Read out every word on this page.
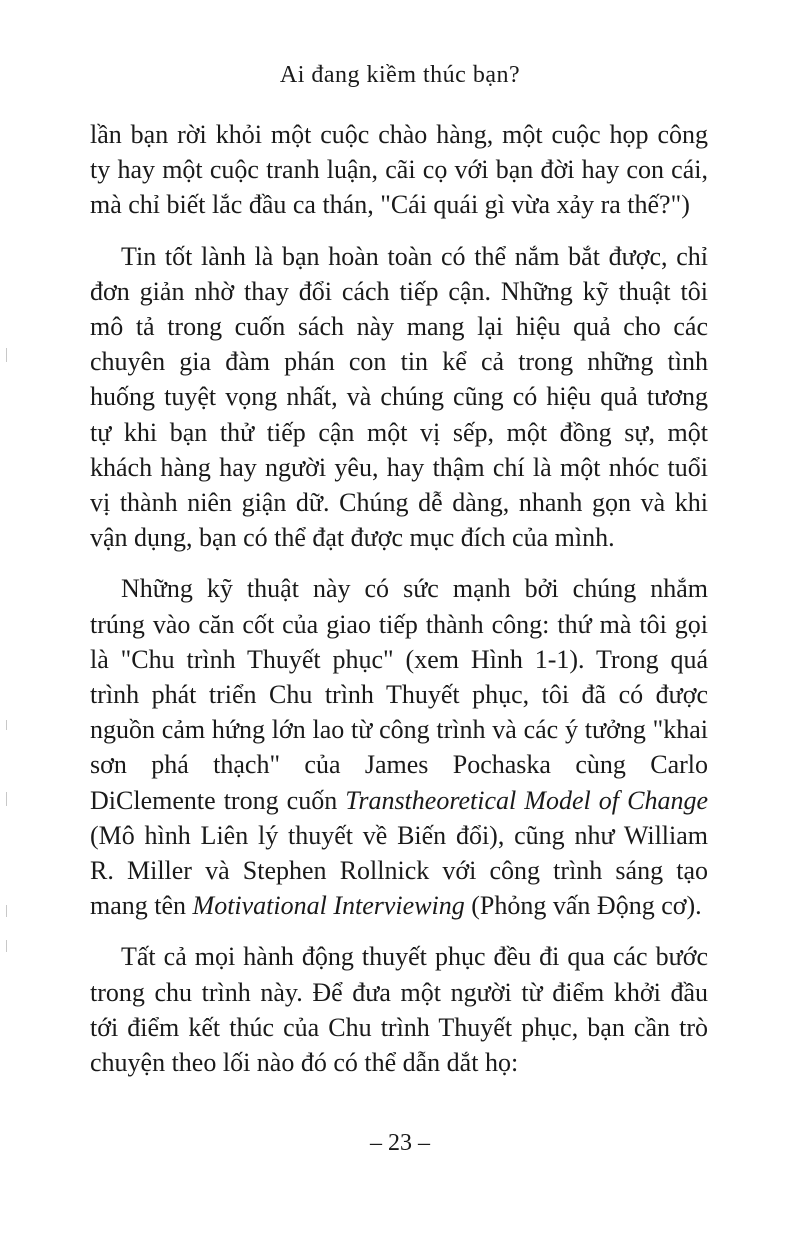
Ai đang kiềm thúc bạn?

lần bạn rời khỏi một cuộc chào hàng, một cuộc họp công
ty hay một cuộc tranh luận, cãi cọ với bạn đời hay con cái,
mà chỉ biết lắc đầu ca thán, "Cái quái gì vừa xảy ra thế?")

Tin tốt lành là bạn hoàn toàn có thể nắm bắt được, chỉ
đơn giản nhờ thay đổi cách tiếp cận. Những kỹ thuật tôi
mô tả trong cuốn sách này mang lại hiệu quả cho các
chuyên gia đàm phán con tin kể cả trong những tình
huống tuyệt vọng nhất, và chúng cũng có hiệu quả tương
tự khi bạn thử tiếp cận một vị sếp, một đồng sự, một
khách hàng hay người yêu, hay thậm chí là một nhóc tuổi
vị thành niên giận dữ. Chúng dễ dàng, nhanh gọn và khi
vận dụng, bạn có thể đạt được mục đích của mình.

Những kỹ thuật này có sức mạnh bởi chúng nhắm
trúng vào căn cốt của giao tiếp thành công: thứ mà tôi gọi
là "Chu trình Thuyết phục" (xem Hình 1-1). Trong quá
trình phát triển Chu trình Thuyết phục, tôi đã có được
nguồn cảm hứng lớn lao từ công trình và các ý tưởng "khai
sơn phá thạch" của James Pochaska cùng Carlo
DiClemente trong cuốn Transtheoretical Model of Change
(Mô hình Liên lý thuyết về Biến đổi), cũng như William
R. Miller và Stephen Rollnick với công trình sáng tạo
mang tên Motivational Interviewing (Phỏng vấn Động cơ).

Tất cả mọi hành động thuyết phục đều đi qua các bước
trong chu trình này. Để đưa một người từ điểm khởi đầu
tới điểm kết thúc của Chu trình Thuyết phục, bạn cần trò
chuyện theo lối nào đó có thể dẫn dắt họ:

– 23 –
